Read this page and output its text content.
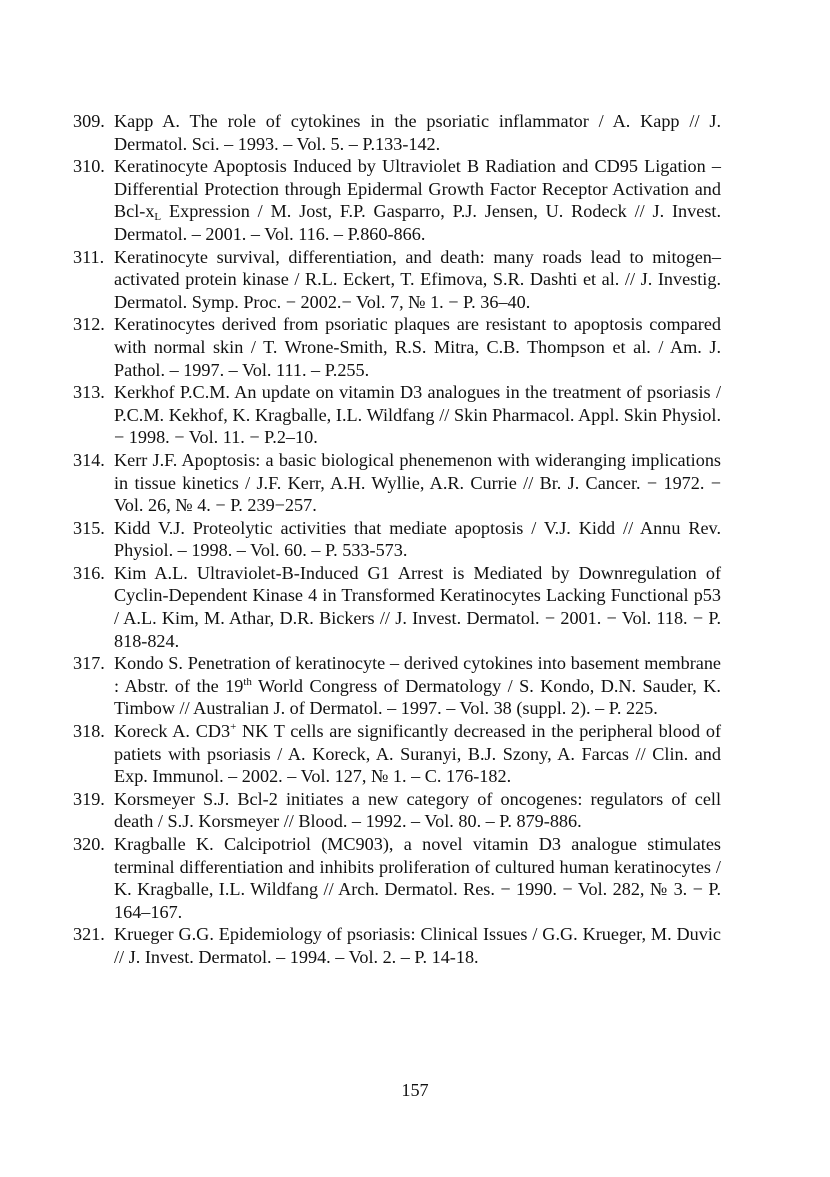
309. Kapp A. The role of cytokines in the psoriatic inflammator / A. Kapp // J. Dermatol. Sci. – 1993. – Vol. 5. – P.133-142.
310. Keratinocyte Apoptosis Induced by Ultraviolet B Radiation and CD95 Ligation – Differential Protection through Epidermal Growth Factor Receptor Activation and Bcl-$x_L$ Expression / M. Jost, F.P. Gasparro, P.J. Jensen, U. Rodeck // J. Invest. Dermatol. – 2001. – Vol. 116. – P.860-866.
311. Keratinocyte survival, differentiation, and death: many roads lead to mitogen–activated protein kinase / R.L. Eckert, T. Efimova, S.R. Dashti et al. // J. Investig. Dermatol. Symp. Proc. − 2002.− Vol. 7, № 1. − P. 36–40.
312. Keratinocytes derived from psoriatic plaques are resistant to apoptosis compared with normal skin / T. Wrone-Smith, R.S. Mitra, C.B. Thompson et al. / Am. J. Pathol. – 1997. – Vol. 111. – P.255.
313. Kerkhof P.C.M. An update on vitamin D3 analogues in the treatment of psoriasis / P.C.M. Kekhof, K. Kragballe, I.L. Wildfang // Skin Pharmacol. Appl. Skin Physiol. − 1998. − Vol. 11. − P.2–10.
314. Kerr J.F. Apoptosis: a basic biological phenemenon with wideranging implications in tissue kinetics / J.F. Kerr, A.H. Wyllie, A.R. Currie // Br. J. Cancer. − 1972. − Vol. 26, № 4. − P. 239−257.
315. Kidd V.J. Proteolytic activities that mediate apoptosis / V.J. Kidd // Annu Rev. Physiol. – 1998. – Vol. 60. – P. 533-573.
316. Kim A.L. Ultraviolet-B-Induced G1 Arrest is Mediated by Downregulation of Cyclin-Dependent Kinase 4 in Transformed Keratinocytes Lacking Functional p53 / A.L. Kim, M. Athar, D.R. Bickers // J. Invest. Dermatol. − 2001. − Vol. 118. − P. 818-824.
317. Kondo S. Penetration of keratinocyte – derived cytokines into basement membrane : Abstr. of the 19th World Congress of Dermatology / S. Kondo, D.N. Sauder, K. Timbow // Australian J. of Dermatol. – 1997. – Vol. 38 (suppl. 2). – P. 225.
318. Koreck A. CD3+ NK T cells are significantly decreased in the peripheral blood of patiets with psoriasis / A. Koreck, A. Suranyi, B.J. Szony, A. Farcas // Clin. and Exp. Immunol. – 2002. – Vol. 127, № 1. – C. 176-182.
319. Korsmeyer S.J. Bcl-2 initiates a new category of oncogenes: regulators of cell death / S.J. Korsmeyer // Blood. – 1992. – Vol. 80. – P. 879-886.
320. Kragballe K. Calcipotriol (MC903), a novel vitamin D3 analogue stimulates terminal differentiation and inhibits proliferation of cultured human keratinocytes / K. Kragballe, I.L. Wildfang // Arch. Dermatol. Res. − 1990. − Vol. 282, № 3. − P. 164–167.
321. Krueger G.G. Epidemiology of psoriasis: Clinical Issues / G.G. Krueger, M. Duvic // J. Invest. Dermatol. – 1994. – Vol. 2. – P. 14-18.
157
